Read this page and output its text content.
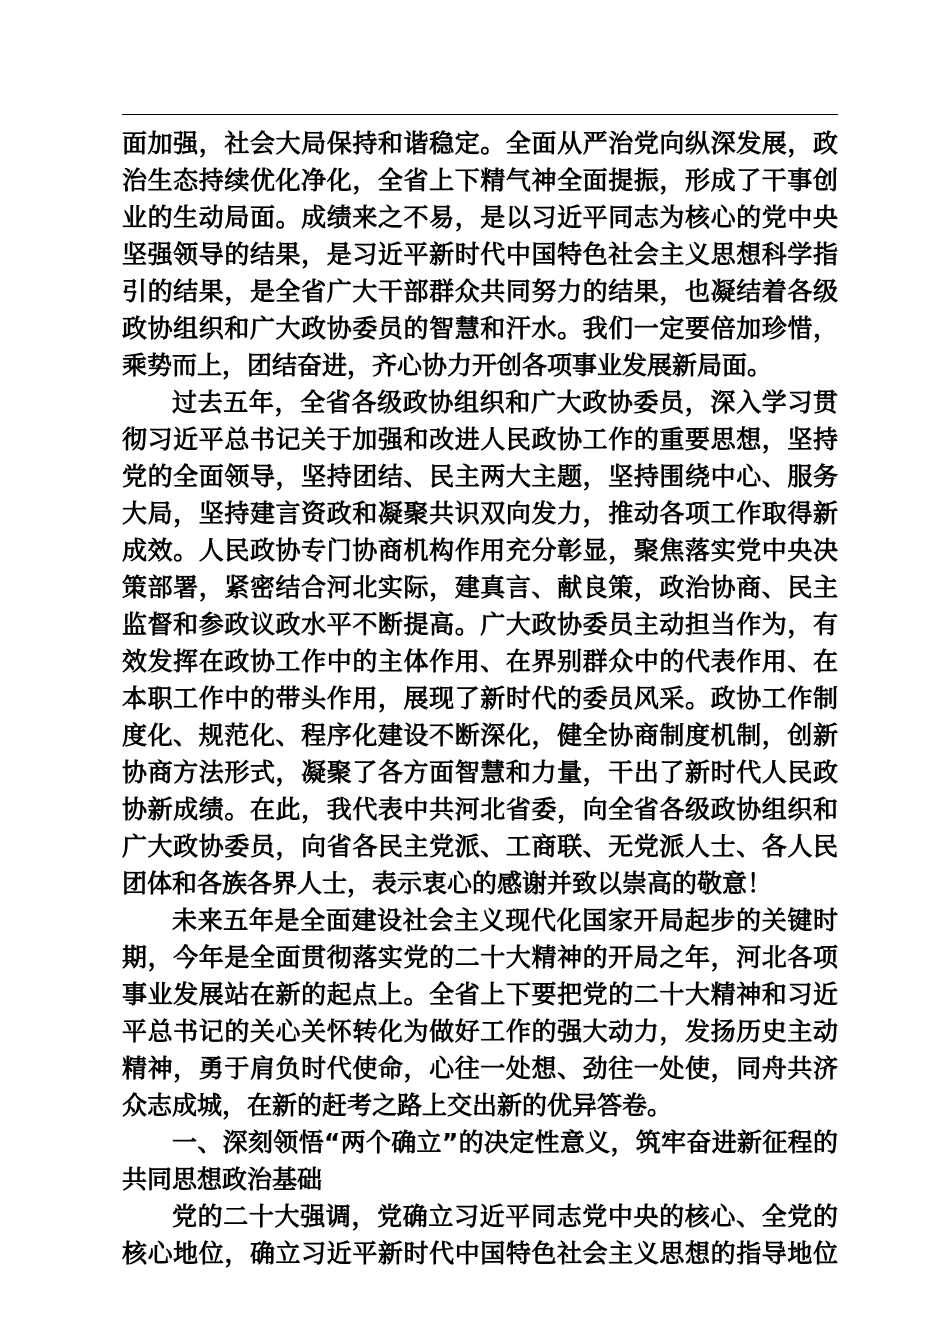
面加强，社会大局保持和谐稳定。全面从严治党向纵深发展，政
治生态持续优化净化，全省上下精气神全面提振，形成了干事创
业的生动局面。成绩来之不易，是以习近平同志为核心的党中央
坚强领导的结果，是习近平新时代中国特色社会主义思想科学指
引的结果，是全省广大干部群众共同努力的结果，也凝结着各级
政协组织和广大政协委员的智慧和汗水。我们一定要倍加珍惜，
乘势而上，团结奋进，齐心协力开创各项事业发展新局面。
过去五年，全省各级政协组织和广大政协委员，深入学习贯
彻习近平总书记关于加强和改进人民政协工作的重要思想，坚持
党的全面领导，坚持团结、民主两大主题，坚持围绕中心、服务
大局，坚持建言资政和凝聚共识双向发力，推动各项工作取得新
成效。人民政协专门协商机构作用充分彰显，聚焦落实党中央决
策部署，紧密结合河北实际，建真言、献良策，政治协商、民主
监督和参政议政水平不断提高。广大政协委员主动担当作为，有
效发挥在政协工作中的主体作用、在界别群众中的代表作用、在
本职工作中的带头作用，展现了新时代的委员风采。政协工作制
度化、规范化、程序化建设不断深化，健全协商制度机制，创新
协商方法形式，凝聚了各方面智慧和力量，干出了新时代人民政
协新成绩。在此，我代表中共河北省委，向全省各级政协组织和
广大政协委员，向省各民主党派、工商联、无党派人士、各人民
团体和各族各界人士，表示衷心的感谢并致以崇高的敬意！
未来五年是全面建设社会主义现代化国家开局起步的关键时
期，今年是全面贯彻落实党的二十大精神的开局之年，河北各项
事业发展站在新的起点上。全省上下要把党的二十大精神和习近
平总书记的关心关怀转化为做好工作的强大动力，发扬历史主动
精神，勇于肩负时代使命，心往一处想、劲往一处使，同舟共济
众志成城，在新的赶考之路上交出新的优异答卷。
一、深刻领悟“两个确立”的决定性意义，筑牢奋进新征程的
共同思想政治基础
党的二十大强调，党确立习近平同志党中央的核心、全党的
核心地位，确立习近平新时代中国特色社会主义思想的指导地位
